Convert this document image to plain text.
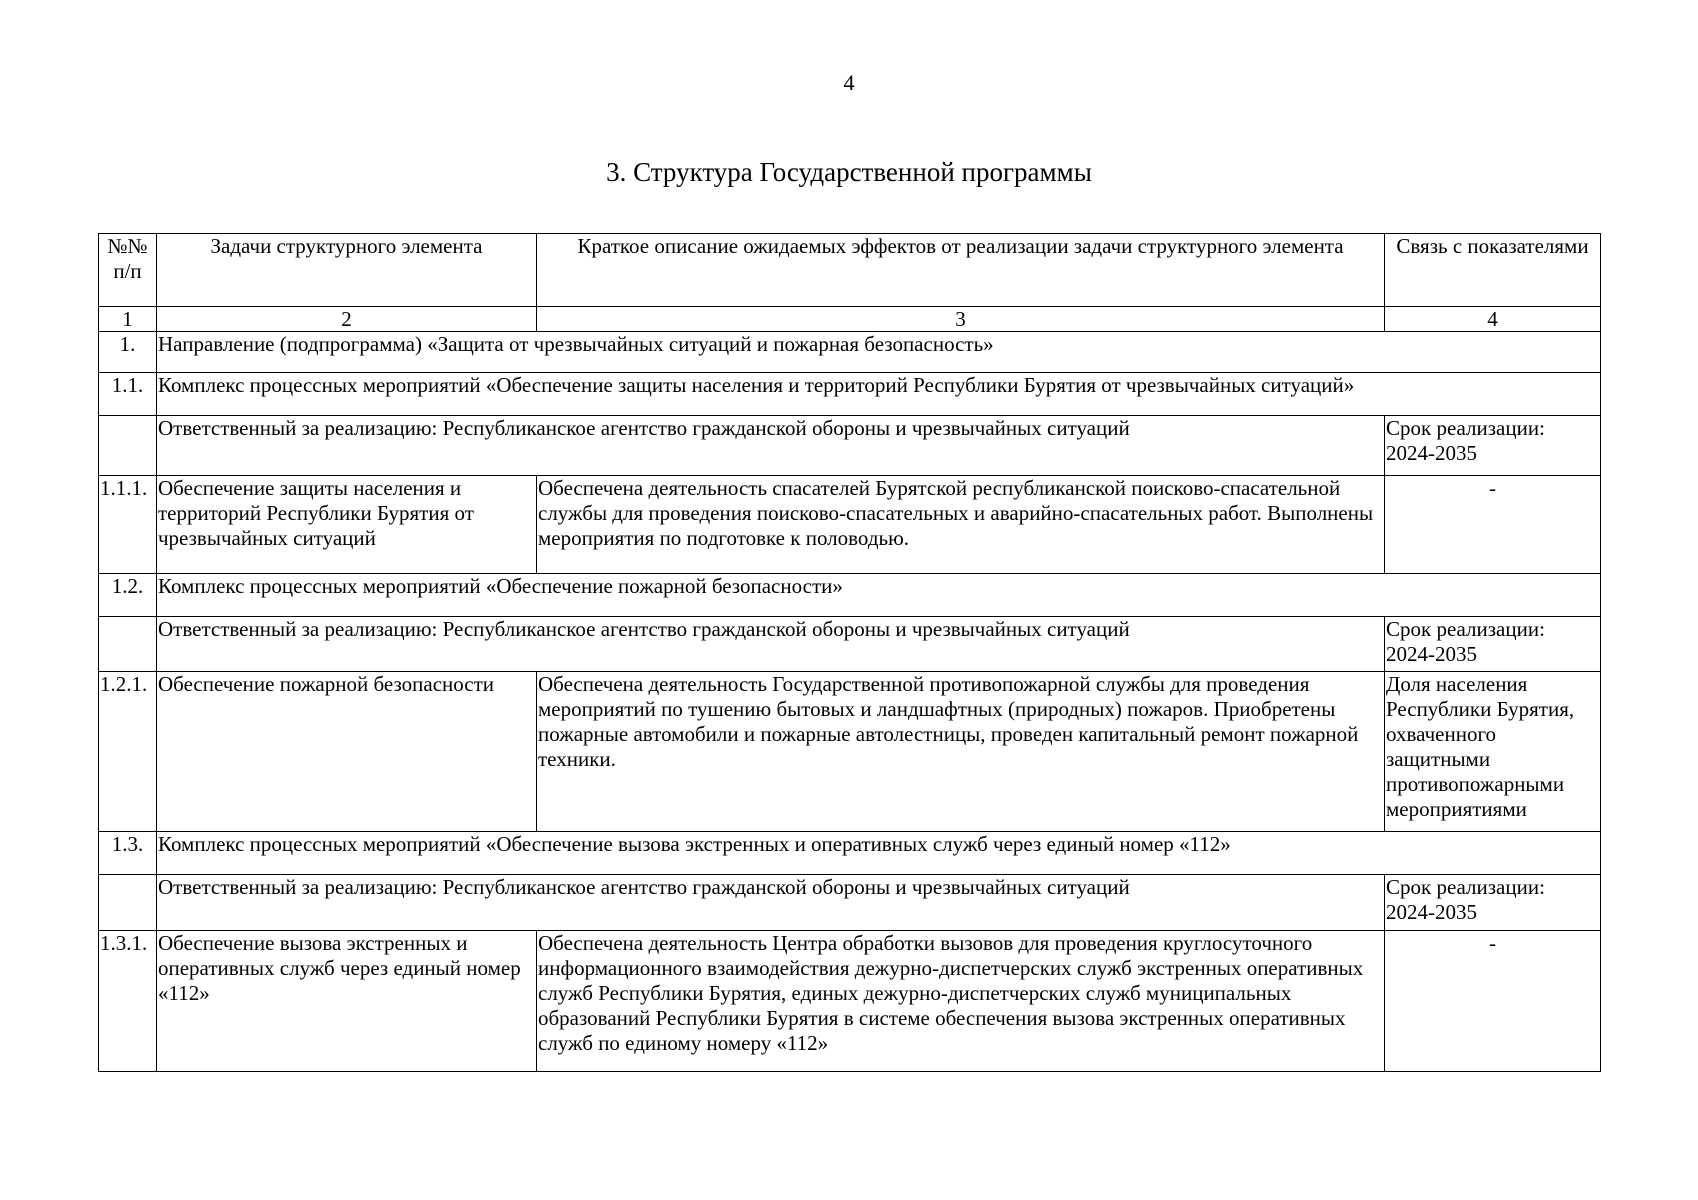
4
3. Структура Государственной программы
№№ п/п	Задачи структурного элемента	Краткое описание ожидаемых эффектов от реализации задачи структурного элемента	Связь с показателями
1	2	3	4
1.	Направление (подпрограмма) «Защита от чрезвычайных ситуаций и пожарная безопасность»		
1.1.	Комплекс процессных мероприятий «Обеспечение защиты населения и территорий Республики Бурятия от чрезвычайных ситуаций»		
	Ответственный за реализацию: Республиканское агентство гражданской обороны и чрезвычайных ситуаций		Срок реализации: 2024-2035
1.1.1.	Обеспечение защиты населения и территорий Республики Бурятия от чрезвычайных ситуаций	Обеспечена деятельность спасателей Бурятской республиканской поисково-спасательной службы для проведения поисково-спасательных и аварийно-спасательных работ. Выполнены мероприятия по подготовке к половодью.	-
1.2.	Комплекс процессных мероприятий «Обеспечение пожарной безопасности»		
	Ответственный за реализацию: Республиканское агентство гражданской обороны и чрезвычайных ситуаций		Срок реализации: 2024-2035
1.2.1.	Обеспечение пожарной безопасности	Обеспечена деятельность Государственной противопожарной службы для проведения мероприятий по тушению бытовых и ландшафтных (природных) пожаров. Приобретены пожарные автомобили и пожарные автолестницы, проведен капитальный ремонт пожарной техники.	Доля населения Республики Бурятия, охваченного защитными противопожарными мероприятиями
1.3.	Комплекс процессных мероприятий «Обеспечение вызова экстренных и оперативных служб через единый номер «112»		
	Ответственный за реализацию: Республиканское агентство гражданской обороны и чрезвычайных ситуаций		Срок реализации: 2024-2035
1.3.1.	Обеспечение вызова экстренных и оперативных служб через единый номер «112»	Обеспечена деятельность Центра обработки вызовов для проведения круглосуточного информационного взаимодействия дежурно-диспетчерских служб экстренных оперативных служб Республики Бурятия, единых дежурно-диспетчерских служб муниципальных образований Республики Бурятия в системе обеспечения вызова экстренных оперативных служб по единому номеру «112»	-
